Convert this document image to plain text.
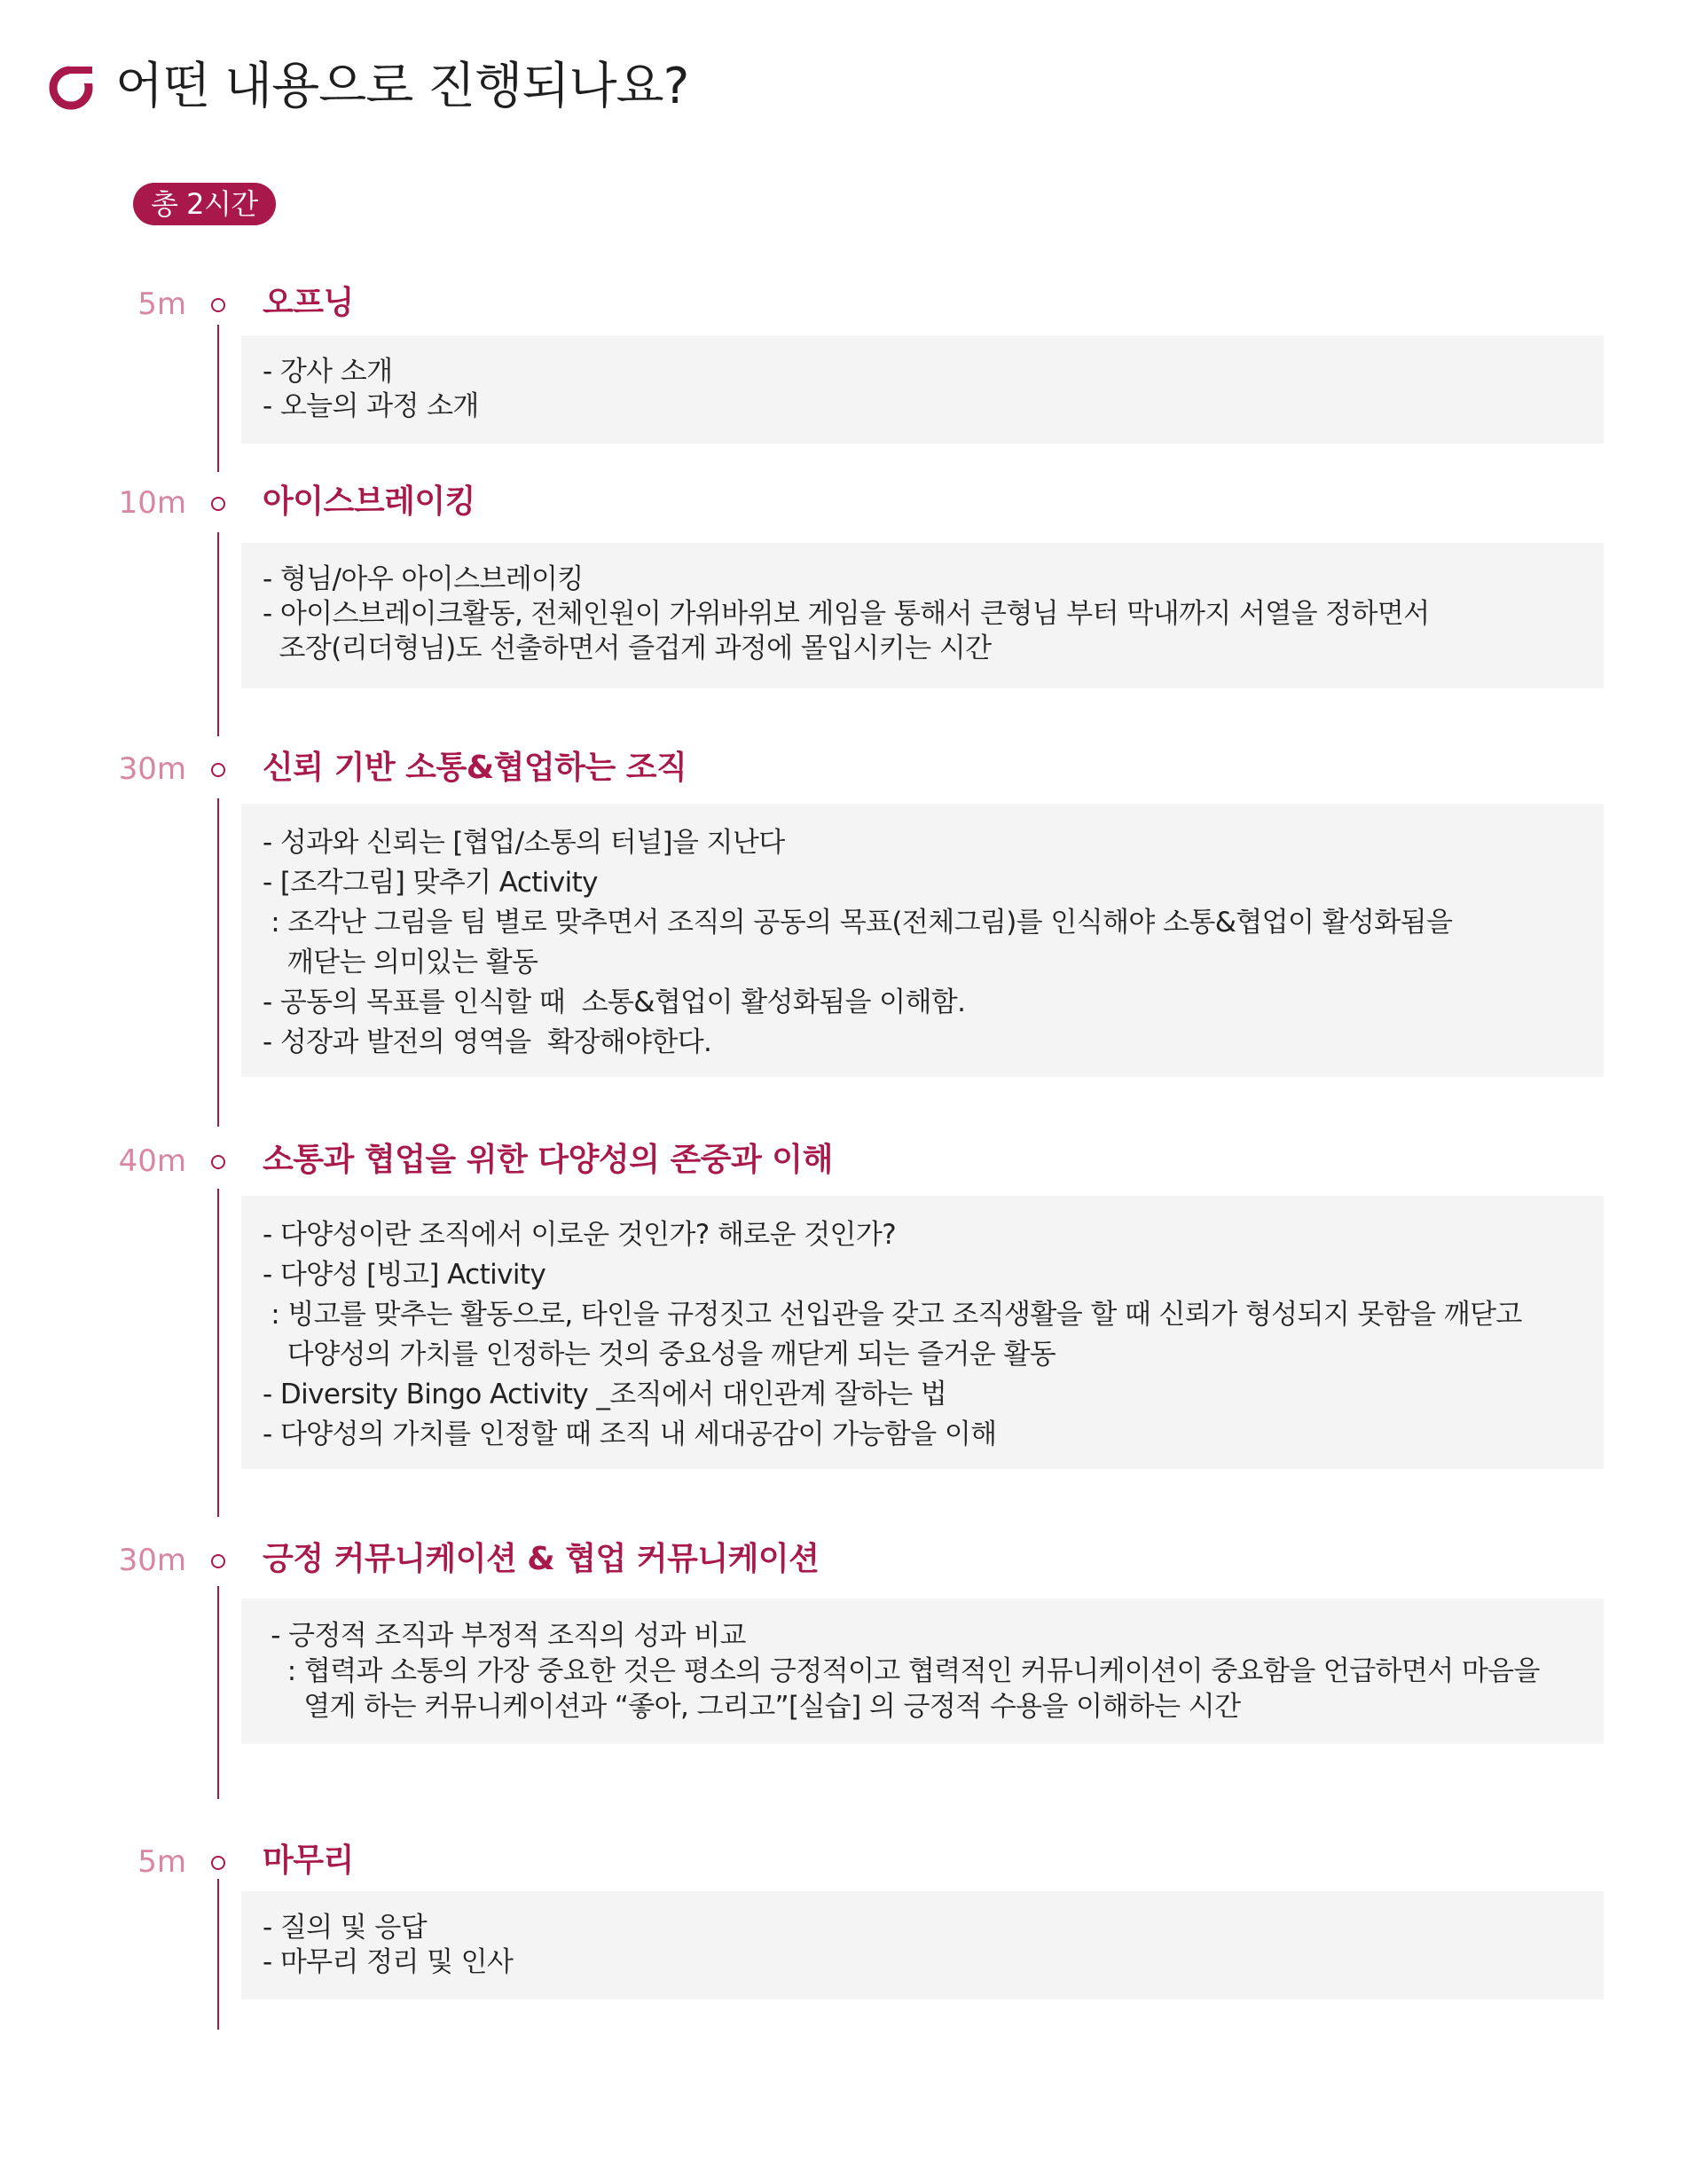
어떤 내용으로 진행되나요?
총 2시간
5m 오프닝

- 강사 소개

- 오늘의 과정 소개

10m 아이스브레이킹

- 형님/아우 아이스브레이킹

- 아이스브레이크활동, 전체인원이 가위바위보 게임을 통해서 큰형님 부터 막내까지 서열을 정하면서

조장(리더형님)도 선출하면서 즐겁게 과정에 몰입시키는 시간

30m 신뢰 기반 소통&협업하는 조직

- 성과와 신뢰는 [협업/소통의 터널]을 지난다

- [조각그림] 맞추기 Activity

: 조각난 그림을 팀 별로 맞추면서 조직의 공동의 목표(전체그림)를 인식해야 소통&협업이 활성화됨을

깨닫는 의미있는 활동

- 공동의 목표를 인식할 때  소통&협업이 활성화됨을 이해함.

- 성장과 발전의 영역을  확장해야한다.

40m 소통과 협업을 위한 다양성의 존중과 이해

- 다양성이란 조직에서 이로운 것인가? 해로운 것인가?

- 다양성 [빙고] Activity

: 빙고를 맞추는 활동으로, 타인을 규정짓고 선입관을 갖고 조직생활을 할 때 신뢰가 형성되지 못함을 깨닫고

다양성의 가치를 인정하는 것의 중요성을 깨닫게 되는 즐거운 활동

- Diversity Bingo Activity _조직에서 대인관계 잘하는 법

- 다양성의 가치를 인정할 때 조직 내 세대공감이 가능함을 이해

30m 긍정 커뮤니케이션 & 협업 커뮤니케이션

- 긍정적 조직과 부정적 조직의 성과 비교

: 협력과 소통의 가장 중요한 것은 평소의 긍정적이고 협력적인 커뮤니케이션이 중요함을 언급하면서 마음을

열게 하는 커뮤니케이션과 “좋아, 그리고”[실습] 의 긍정적 수용을 이해하는 시간

5m 마무리

- 질의 및 응답

- 마무리 정리 및 인사
